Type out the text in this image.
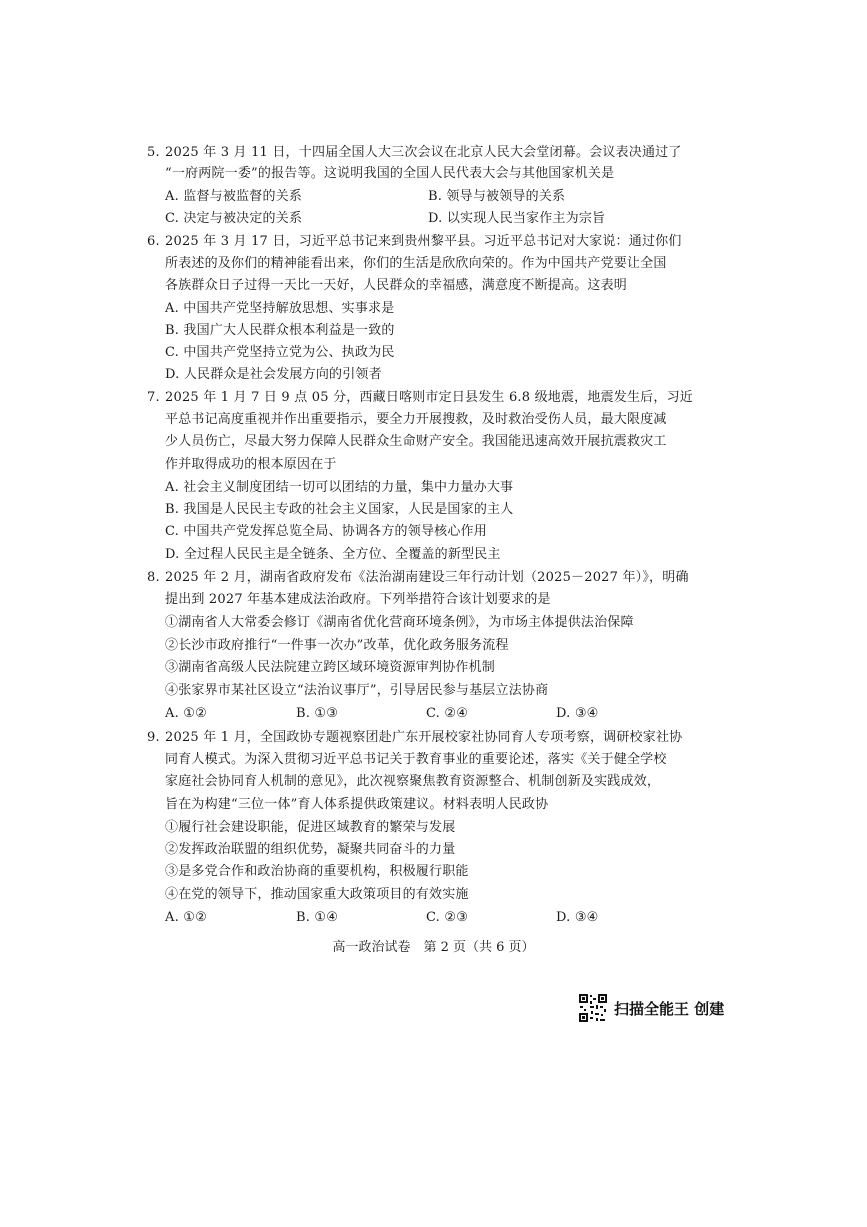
5. 2025 年 3 月 11 日，十四届全国人大三次会议在北京人民大会堂闭幕。会议表决通过了
“一府两院一委”的报告等。这说明我国的全国人民代表大会与其他国家机关是
A. 监督与被监督的关系	B. 领导与被领导的关系
C. 决定与被决定的关系	D. 以实现人民当家作主为宗旨
6. 2025 年 3 月 17 日，习近平总书记来到贵州黎平县。习近平总书记对大家说：通过你们
所表述的及你们的精神能看出来，你们的生活是欣欣向荣的。作为中国共产党要让全国
各族群众日子过得一天比一天好，人民群众的幸福感，满意度不断提高。这表明
A. 中国共产党坚持解放思想、实事求是
B. 我国广大人民群众根本利益是一致的
C. 中国共产党坚持立党为公、执政为民
D. 人民群众是社会发展方向的引领者
7. 2025 年 1 月 7 日 9 点 05 分，西藏日喀则市定日县发生 6.8 级地震，地震发生后，习近
平总书记高度重视并作出重要指示，要全力开展搜救，及时救治受伤人员，最大限度减
少人员伤亡，尽最大努力保障人民群众生命财产安全。我国能迅速高效开展抗震救灾工
作并取得成功的根本原因在于
A. 社会主义制度团结一切可以团结的力量，集中力量办大事
B. 我国是人民民主专政的社会主义国家，人民是国家的主人
C. 中国共产党发挥总览全局、协调各方的领导核心作用
D. 全过程人民民主是全链条、全方位、全覆盖的新型民主
8. 2025 年 2 月，湖南省政府发布《法治湖南建设三年行动计划（2025－2027 年）》，明确
提出到 2027 年基本建成法治政府。下列举措符合该计划要求的是
①湖南省人大常委会修订《湖南省优化营商环境条例》，为市场主体提供法治保障
②长沙市政府推行“一件事一次办”改革，优化政务服务流程
③湖南省高级人民法院建立跨区域环境资源审判协作机制
④张家界市某社区设立“法治议事厅”，引导居民参与基层立法协商
A. ①②	B. ①③	C. ②④	D. ③④
9. 2025 年 1 月，全国政协专题视察团赴广东开展校家社协同育人专项考察，调研校家社协
同育人模式。为深入贯彻习近平总书记关于教育事业的重要论述，落实《关于健全学校
家庭社会协同育人机制的意见》，此次视察聚焦教育资源整合、机制创新及实践成效，
旨在为构建“三位一体”育人体系提供政策建议。材料表明人民政协
①履行社会建设职能，促进区域教育的繁荣与发展
②发挥政治联盟的组织优势，凝聚共同奋斗的力量
③是多党合作和政治协商的重要机构，积极履行职能
④在党的领导下，推动国家重大政策项目的有效实施
A. ①②	B. ①④	C. ②③	D. ③④
高一政治试卷　第 2 页（共 6 页）
扫描全能王 创建
